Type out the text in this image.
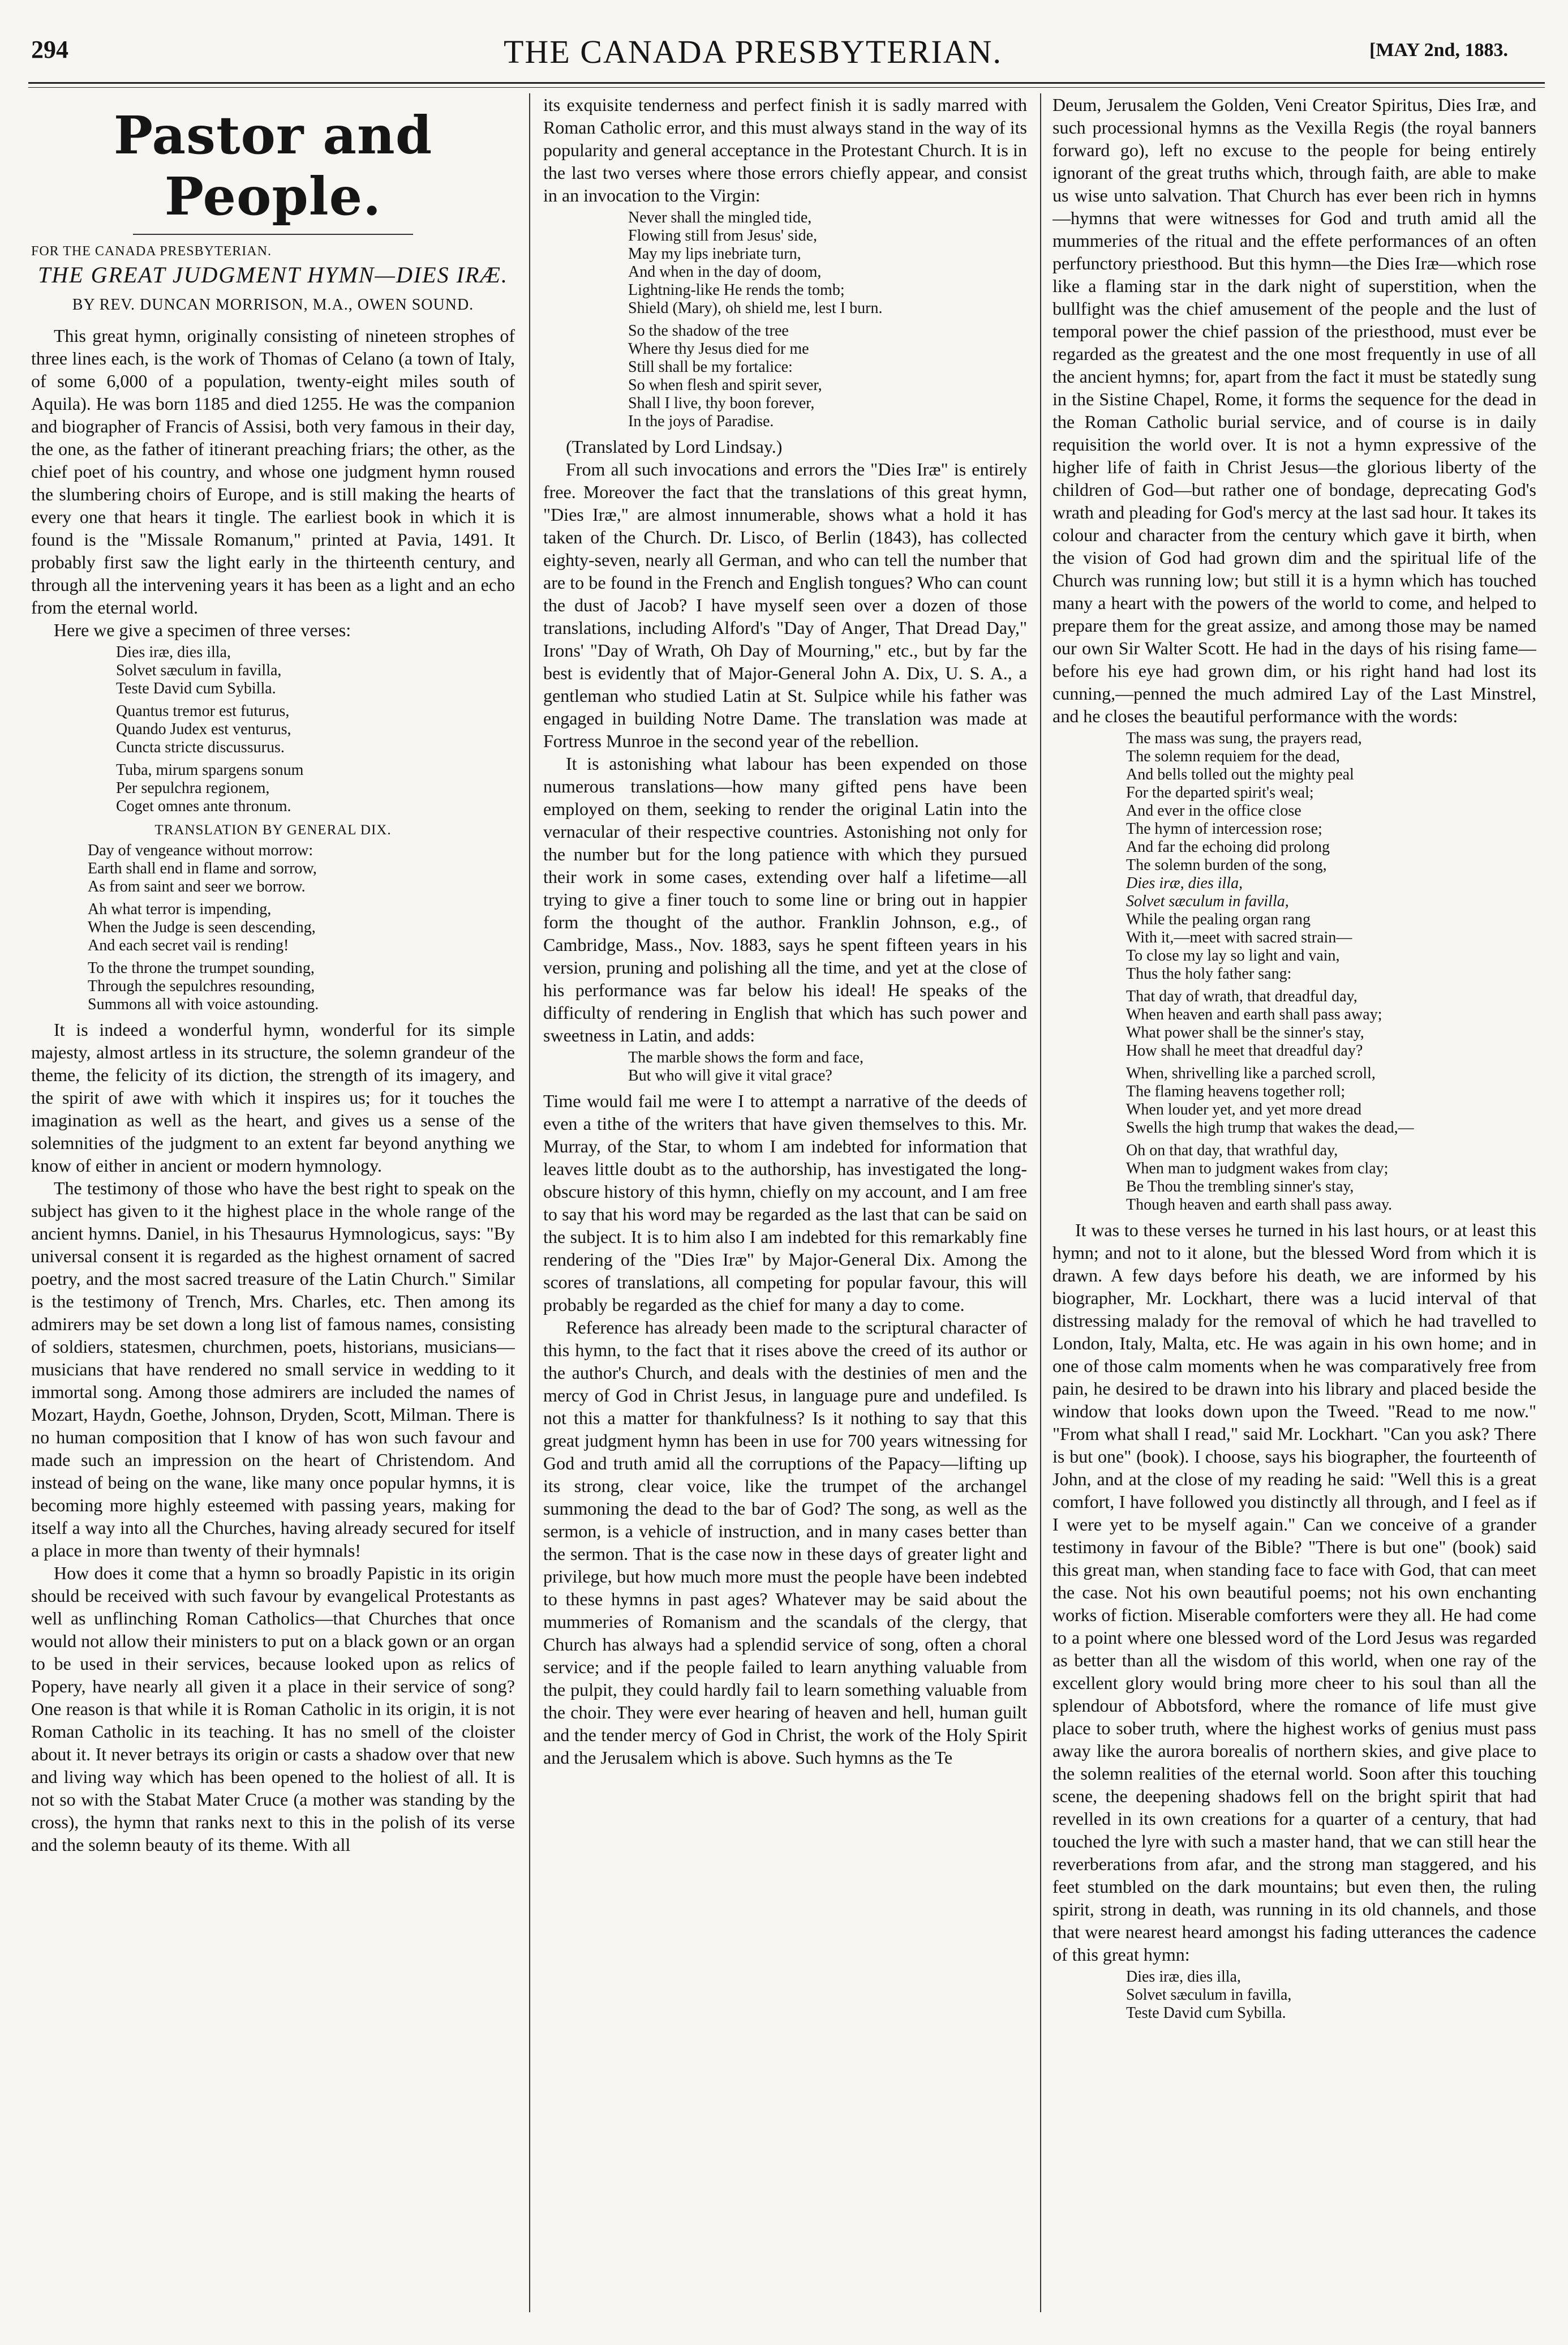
294	THE CANADA PRESBYTERIAN.	[MAY 2nd, 1883.
Pastor and People.

FOR THE CANADA PRESBYTERIAN.

THE GREAT JUDGMENT HYMN—DIES IRÆ.

BY REV. DUNCAN MORRISON, M.A., OWEN SOUND.

This great hymn, originally consisting of nineteen strophes of three lines each, is the work of Thomas of Celano (a town of Italy, of some 6,000 of a population, twenty-eight miles south of Aquila). He was born 1185 and died 1255. He was the companion and biographer of Francis of Assisi, both very famous in their day, the one, as the father of itinerant preaching friars; the other, as the chief poet of his country, and whose one judgment hymn roused the slumbering choirs of Europe, and is still making the hearts of every one that hears it tingle. The earliest book in which it is found is the "Missale Romanum," printed at Pavia, 1491. It probably first saw the light early in the thirteenth century, and through all the intervening years it has been as a light and an echo from the eternal world.

Here we give a specimen of three verses:

Dies iræ, dies illa,
Solvet sæculum in favilla,
Teste David cum Sybilla.
Quantus tremor est futurus,
Quando Judex est venturus,
Cuncta stricte discussurus.
Tuba, mirum spargens sonum
Per sepulchra regionem,
Coget omnes ante thronum.

TRANSLATION BY GENERAL DIX.

Day of vengeance without morrow:
Earth shall end in flame and sorrow,
As from saint and seer we borrow.
Ah what terror is impending,
When the Judge is seen descending,
And each secret vail is rending!
To the throne the trumpet sounding,
Through the sepulchres resounding,
Summons all with voice astounding.

It is indeed a wonderful hymn, wonderful for its simple majesty, almost artless in its structure, the solemn grandeur of the theme, the felicity of its diction, the strength of its imagery, and the spirit of awe with which it inspires us; for it touches the imagination as well as the heart, and gives us a sense of the solemnities of the judgment to an extent far beyond anything we know of either in ancient or modern hymnology.

The testimony of those who have the best right to speak on the subject has given to it the highest place in the whole range of the ancient hymns. Daniel, in his Thesaurus Hymnologicus, says: "By universal consent it is regarded as the highest ornament of sacred poetry, and the most sacred treasure of the Latin Church." Similar is the testimony of Trench, Mrs. Charles, etc. Then among its admirers may be set down a long list of famous names, consisting of soldiers, statesmen, churchmen, poets, historians, musicians—musicians that have rendered no small service in wedding to it immortal song. Among those admirers are included the names of Mozart, Haydn, Goethe, Johnson, Dryden, Scott, Milman. There is no human composition that I know of has won such favour and made such an impression on the heart of Christendom. And instead of being on the wane, like many once popular hymns, it is becoming more highly esteemed with passing years, making for itself a way into all the Churches, having already secured for itself a place in more than twenty of their hymnals!

How does it come that a hymn so broadly Papistic in its origin should be received with such favour by evangelical Protestants as well as unflinching Roman Catholics—that Churches that once would not allow their ministers to put on a black gown or an organ to be used in their services, because looked upon as relics of Popery, have nearly all given it a place in their service of song? One reason is that while it is Roman Catholic in its origin, it is not Roman Catholic in its teaching. It has no smell of the cloister about it. It never betrays its origin or casts a shadow over that new and living way which has been opened to the holiest of all. It is not so with the Stabat Mater Cruce (a mother was standing by the cross), the hymn that ranks next to this in the polish of its verse and the solemn beauty of its theme. With all

its exquisite tenderness and perfect finish it is sadly marred with Roman Catholic error, and this must always stand in the way of its popularity and general acceptance in the Protestant Church. It is in the last two verses where those errors chiefly appear, and consist in an invocation to the Virgin:

Never shall the mingled tide,
Flowing still from Jesus' side,
May my lips inebriate turn,
And when in the day of doom,
Lightning-like He rends the tomb;
Shield (Mary), oh shield me, lest I burn.
So the shadow of the tree
Where thy Jesus died for me
Still shall be my fortalice:
So when flesh and spirit sever,
Shall I live, thy boon forever,
In the joys of Paradise.

(Translated by Lord Lindsay.)

From all such invocations and errors the "Dies Iræ" is entirely free. Moreover the fact that the translations of this great hymn, "Dies Iræ," are almost innumerable, shows what a hold it has taken of the Church. Dr. Lisco, of Berlin (1843), has collected eighty-seven, nearly all German, and who can tell the number that are to be found in the French and English tongues? Who can count the dust of Jacob? I have myself seen over a dozen of those translations, including Alford's "Day of Anger, That Dread Day," Irons' "Day of Wrath, Oh Day of Mourning," etc., but by far the best is evidently that of Major-General John A. Dix, U. S. A., a gentleman who studied Latin at St. Sulpice while his father was engaged in building Notre Dame. The translation was made at Fortress Munroe in the second year of the rebellion.

It is astonishing what labour has been expended on those numerous translations—how many gifted pens have been employed on them, seeking to render the original Latin into the vernacular of their respective countries. Astonishing not only for the number but for the long patience with which they pursued their work in some cases, extending over half a lifetime—all trying to give a finer touch to some line or bring out in happier form the thought of the author. Franklin Johnson, e.g., of Cambridge, Mass., Nov. 1883, says he spent fifteen years in his version, pruning and polishing all the time, and yet at the close of his performance was far below his ideal! He speaks of the difficulty of rendering in English that which has such power and sweetness in Latin, and adds:

The marble shows the form and face,
But who will give it vital grace?

Time would fail me were I to attempt a narrative of the deeds of even a tithe of the writers that have given themselves to this. Mr. Murray, of the Star, to whom I am indebted for information that leaves little doubt as to the authorship, has investigated the long-obscure history of this hymn, chiefly on my account, and I am free to say that his word may be regarded as the last that can be said on the subject. It is to him also I am indebted for this remarkably fine rendering of the "Dies Iræ" by Major-General Dix. Among the scores of translations, all competing for popular favour, this will probably be regarded as the chief for many a day to come.

Reference has already been made to the scriptural character of this hymn, to the fact that it rises above the creed of its author or the author's Church, and deals with the destinies of men and the mercy of God in Christ Jesus, in language pure and undefiled. Is not this a matter for thankfulness? Is it nothing to say that this great judgment hymn has been in use for 700 years witnessing for God and truth amid all the corruptions of the Papacy—lifting up its strong, clear voice, like the trumpet of the archangel summoning the dead to the bar of God? The song, as well as the sermon, is a vehicle of instruction, and in many cases better than the sermon. That is the case now in these days of greater light and privilege, but how much more must the people have been indebted to these hymns in past ages? Whatever may be said about the mummeries of Romanism and the scandals of the clergy, that Church has always had a splendid service of song, often a choral service; and if the people failed to learn anything valuable from the pulpit, they could hardly fail to learn something valuable from the choir. They were ever hearing of heaven and hell, human guilt and the tender mercy of God in Christ, the work of the Holy Spirit and the Jerusalem which is above. Such hymns as the Te

Deum, Jerusalem the Golden, Veni Creator Spiritus, Dies Iræ, and such processional hymns as the Vexilla Regis (the royal banners forward go), left no excuse to the people for being entirely ignorant of the great truths which, through faith, are able to make us wise unto salvation. That Church has ever been rich in hymns—hymns that were witnesses for God and truth amid all the mummeries of the ritual and the effete performances of an often perfunctory priesthood. But this hymn—the Dies Iræ—which rose like a flaming star in the dark night of superstition, when the bullfight was the chief amusement of the people and the lust of temporal power the chief passion of the priesthood, must ever be regarded as the greatest and the one most frequently in use of all the ancient hymns; for, apart from the fact it must be statedly sung in the Sistine Chapel, Rome, it forms the sequence for the dead in the Roman Catholic burial service, and of course is in daily requisition the world over. It is not a hymn expressive of the higher life of faith in Christ Jesus—the glorious liberty of the children of God—but rather one of bondage, deprecating God's wrath and pleading for God's mercy at the last sad hour. It takes its colour and character from the century which gave it birth, when the vision of God had grown dim and the spiritual life of the Church was running low; but still it is a hymn which has touched many a heart with the powers of the world to come, and helped to prepare them for the great assize, and among those may be named our own Sir Walter Scott. He had in the days of his rising fame—before his eye had grown dim, or his right hand had lost its cunning,—penned the much admired Lay of the Last Minstrel, and he closes the beautiful performance with the words:

The mass was sung, the prayers read,
The solemn requiem for the dead,
And bells tolled out the mighty peal
For the departed spirit's weal;
And ever in the office close
The hymn of intercession rose;
And far the echoing did prolong
The solemn burden of the song,
Dies iræ, dies illa,
Solvet sæculum in favilla,
While the pealing organ rang
With it,—meet with sacred strain—
To close my lay so light and vain,
Thus the holy father sang:
That day of wrath, that dreadful day,
When heaven and earth shall pass away;
What power shall be the sinner's stay,
How shall he meet that dreadful day?
When, shrivelling like a parched scroll,
The flaming heavens together roll;
When louder yet, and yet more dread
Swells the high trump that wakes the dead,—
Oh on that day, that wrathful day,
When man to judgment wakes from clay;
Be Thou the trembling sinner's stay,
Though heaven and earth shall pass away.

It was to these verses he turned in his last hours, or at least this hymn; and not to it alone, but the blessed Word from which it is drawn. A few days before his death, we are informed by his biographer, Mr. Lockhart, there was a lucid interval of that distressing malady for the removal of which he had travelled to London, Italy, Malta, etc. He was again in his own home; and in one of those calm moments when he was comparatively free from pain, he desired to be drawn into his library and placed beside the window that looks down upon the Tweed. "Read to me now." "From what shall I read," said Mr. Lockhart. "Can you ask? There is but one" (book). I choose, says his biographer, the fourteenth of John, and at the close of my reading he said: "Well this is a great comfort, I have followed you distinctly all through, and I feel as if I were yet to be myself again." Can we conceive of a grander testimony in favour of the Bible? "There is but one" (book) said this great man, when standing face to face with God, that can meet the case. Not his own beautiful poems; not his own enchanting works of fiction. Miserable comforters were they all. He had come to a point where one blessed word of the Lord Jesus was regarded as better than all the wisdom of this world, when one ray of the excellent glory would bring more cheer to his soul than all the splendour of Abbotsford, where the romance of life must give place to sober truth, where the highest works of genius must pass away like the aurora borealis of northern skies, and give place to the solemn realities of the eternal world. Soon after this touching scene, the deepening shadows fell on the bright spirit that had revelled in its own creations for a quarter of a century, that had touched the lyre with such a master hand, that we can still hear the reverberations from afar, and the strong man staggered, and his feet stumbled on the dark mountains; but even then, the ruling spirit, strong in death, was running in its old channels, and those that were nearest heard amongst his fading utterances the cadence of this great hymn:

Dies iræ, dies illa,
Solvet sæculum in favilla,
Teste David cum Sybilla.
